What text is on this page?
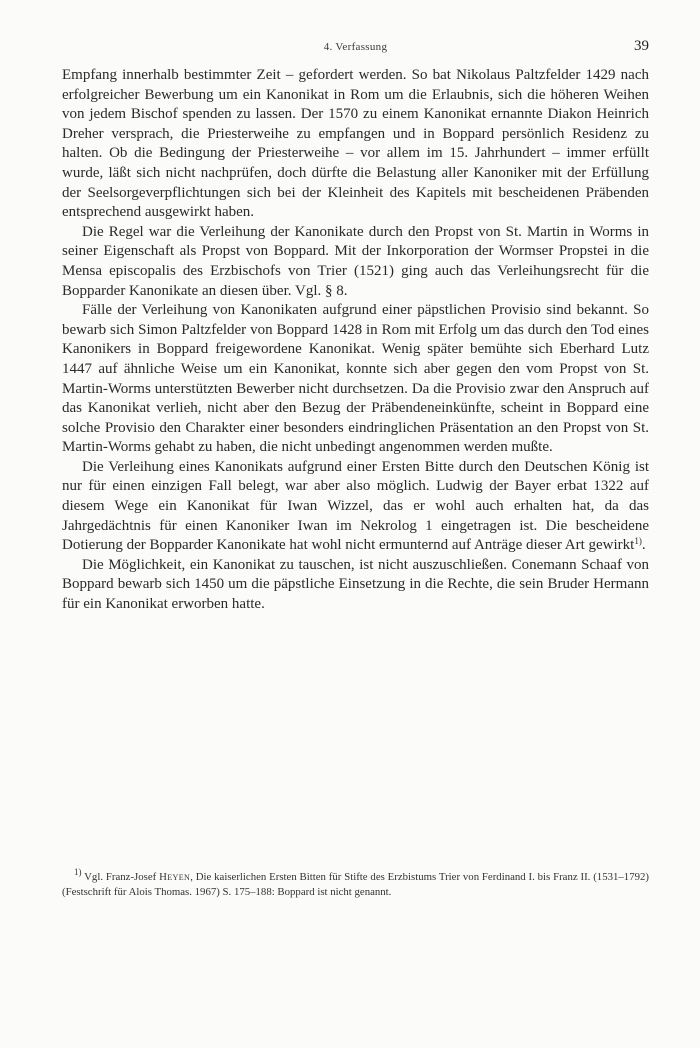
4. Verfassung	39

Empfang innerhalb bestimmter Zeit – gefordert werden. So bat Nikolaus Paltzfelder 1429 nach erfolgreicher Bewerbung um ein Kanonikat in Rom um die Erlaubnis, sich die höheren Weihen von jedem Bischof spenden zu lassen. Der 1570 zu einem Kanonikat ernannte Diakon Heinrich Dreher versprach, die Priesterweihe zu empfangen und in Boppard persönlich Residenz zu halten. Ob die Bedingung der Priesterweihe – vor allem im 15. Jahrhundert – immer erfüllt wurde, läßt sich nicht nachprüfen, doch dürfte die Belastung aller Kanoniker mit der Erfüllung der Seelsorgeverpflichtungen sich bei der Kleinheit des Kapitels mit bescheidenen Präbenden entsprechend ausgewirkt haben.

Die Regel war die Verleihung der Kanonikate durch den Propst von St. Martin in Worms in seiner Eigenschaft als Propst von Boppard. Mit der Inkorporation der Wormser Propstei in die Mensa episcopalis des Erzbischofs von Trier (1521) ging auch das Verleihungsrecht für die Bopparder Kanonikate an diesen über. Vgl. § 8.

Fälle der Verleihung von Kanonikaten aufgrund einer päpstlichen Provisio sind bekannt. So bewarb sich Simon Paltzfelder von Boppard 1428 in Rom mit Erfolg um das durch den Tod eines Kanonikers in Boppard freigewordene Kanonikat. Wenig später bemühte sich Eberhard Lutz 1447 auf ähnliche Weise um ein Kanonikat, konnte sich aber gegen den vom Propst von St. Martin-Worms unterstützten Bewerber nicht durchsetzen. Da die Provisio zwar den Anspruch auf das Kanonikat verlieh, nicht aber den Bezug der Präbendeneinkünfte, scheint in Boppard eine solche Provisio den Charakter einer besonders eindringlichen Präsentation an den Propst von St. Martin-Worms gehabt zu haben, die nicht unbedingt angenommen werden mußte.

Die Verleihung eines Kanonikats aufgrund einer Ersten Bitte durch den Deutschen König ist nur für einen einzigen Fall belegt, war aber also möglich. Ludwig der Bayer erbat 1322 auf diesem Wege ein Kanonikat für Iwan Wizzel, das er wohl auch erhalten hat, da das Jahrgedächtnis für einen Kanoniker Iwan im Nekrolog 1 eingetragen ist. Die bescheidene Dotierung der Bopparder Kanonikate hat wohl nicht ermunternd auf Anträge dieser Art gewirkt$^{1)}$.

Die Möglichkeit, ein Kanonikat zu tauschen, ist nicht auszuschließen. Conemann Schaaf von Boppard bewarb sich 1450 um die päpstliche Einsetzung in die Rechte, die sein Bruder Hermann für ein Kanonikat erworben hatte.

$^{1)}$ Vgl. Franz-Josef Heyen, Die kaiserlichen Ersten Bitten für Stifte des Erzbistums Trier von Ferdinand I. bis Franz II. (1531–1792) (Festschrift für Alois Thomas. 1967) S. 175–188: Boppard ist nicht genannt.
